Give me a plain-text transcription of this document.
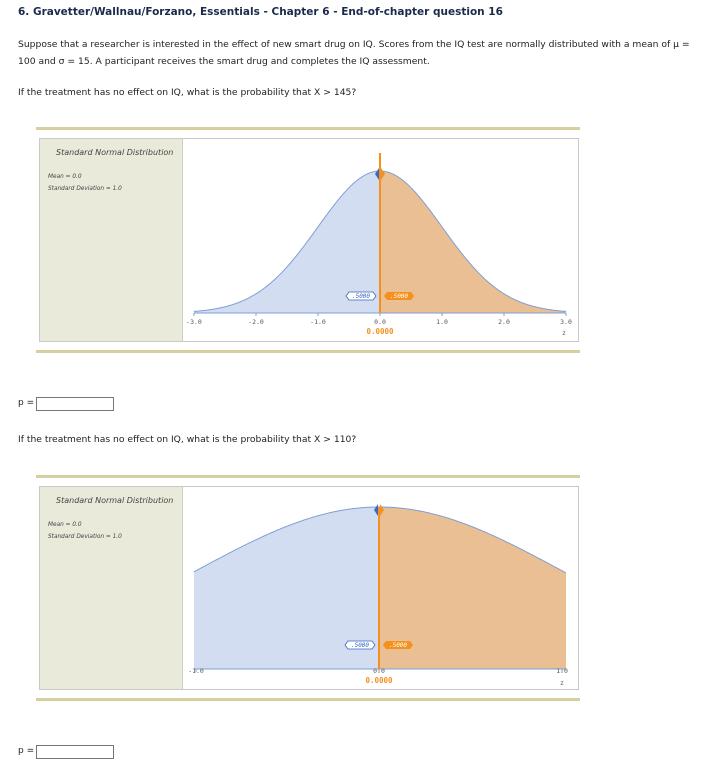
6. Gravetter/Wallnau/Forzano, Essentials - Chapter 6 - End-of-chapter question 16
Suppose that a researcher is interested in the effect of new smart drug on IQ. Scores from the IQ test are normally distributed with a mean of μ = 100 and σ = 15. A participant receives the smart drug and completes the IQ assessment.
If the treatment has no effect on IQ, what is the probability that X > 145?
Standard Normal Distribution
Mean = 0.0
Standard Deviation = 1.0
-3.0	-2.0	-1.0	1.0	2.0	3.0
.5000	.5000
0.0
0.0000	z
p =
If the treatment has no effect on IQ, what is the probability that X > 110?
Standard Normal Distribution
Mean = 0.0
Standard Deviation = 1.0
-1.0	1.0
.5000	.5000
0.0
0.0000	z
p =
